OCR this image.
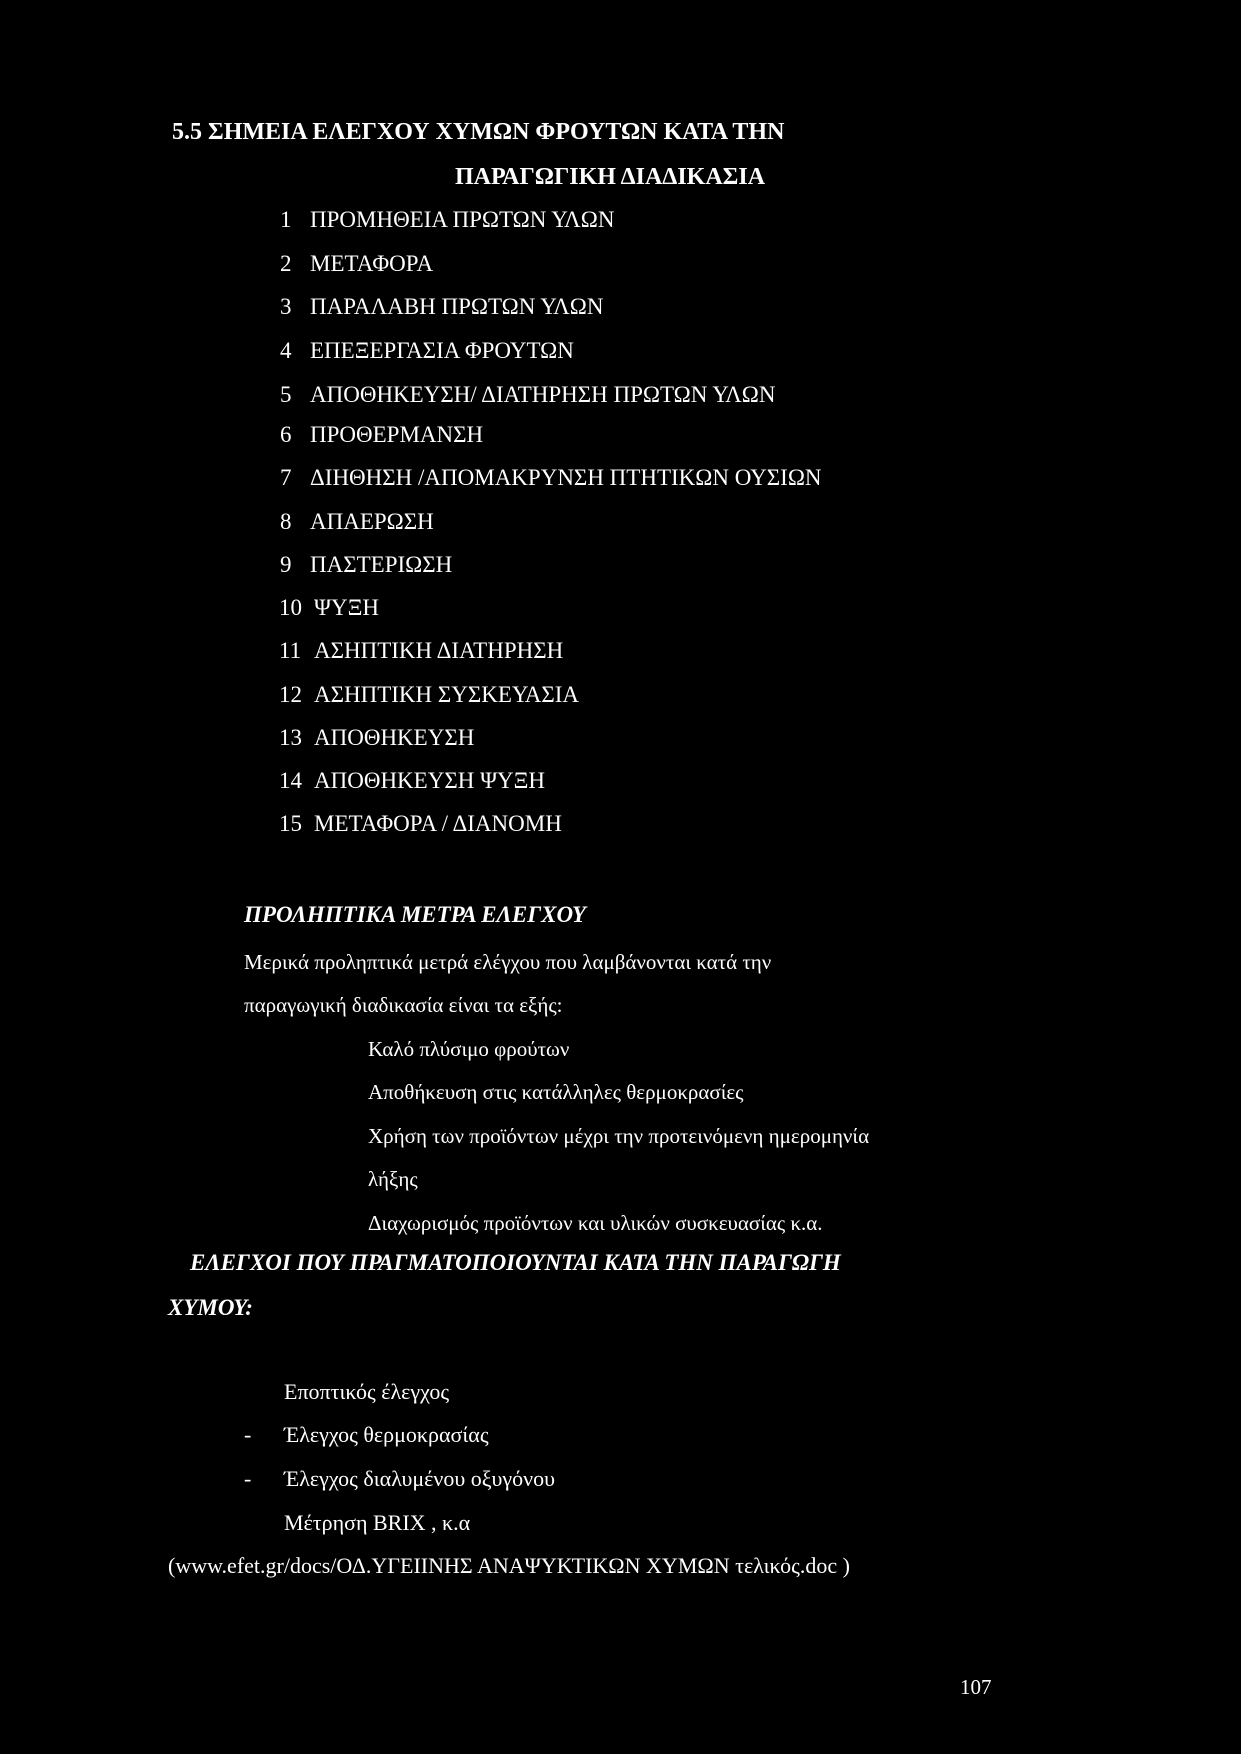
5.5 ΣΗΜΕΙΑ ΕΛΕΓΧΟΥ ΧΥΜΩΝ ΦΡΟΥΤΩΝ ΚΑΤΑ ΤΗΝ
ΠΑΡΑΓΩΓΙΚΗ ΔΙΑΔΙΚΑΣΙΑ
1 ΠΡΟΜΗΘΕΙΑ ΠΡΩΤΩΝ ΥΛΩΝ
2 ΜΕΤΑΦΟΡΑ
3 ΠΑΡΑΛΑΒΗ ΠΡΩΤΩΝ ΥΛΩΝ
4 ΕΠΕΞΕΡΓΑΣΙΑ ΦΡΟΥΤΩΝ
5 ΑΠΟΘΗΚΕΥΣΗ/ ΔΙΑΤΗΡΗΣΗ ΠΡΩΤΩΝ ΥΛΩΝ
6 ΠΡΟΘΕΡΜΑΝΣΗ
7 ΔΙΗΘΗΣΗ /ΑΠΟΜΑΚΡΥΝΣΗ ΠΤΗΤΙΚΩΝ ΟΥΣΙΩΝ
8 ΑΠΑΕΡΩΣΗ
9 ΠΑΣΤΕΡΙΩΣΗ
10 ΨΥΞΗ
11 ΑΣΗΠΤΙΚΗ ΔΙΑΤΗΡΗΣΗ
12 ΑΣΗΠΤΙΚΗ ΣΥΣΚΕΥΑΣΙΑ
13 ΑΠΟΘΗΚΕΥΣΗ
14 ΑΠΟΘΗΚΕΥΣΗ ΨΥΞΗ
15 ΜΕΤΑΦΟΡΑ / ΔΙΑΝΟΜΗ
ΠΡΟΛΗΠΤΙΚΑ ΜΕΤΡΑ ΕΛΕΓΧΟΥ
Μερικά προληπτικά μετρά ελέγχου που λαμβάνονται κατά την
παραγωγική διαδικασία είναι τα εξής:
Καλό πλύσιμο φρούτων
Αποθήκευση στις κατάλληλες θερμοκρασίες
Χρήση των προϊόντων μέχρι την προτεινόμενη ημερομηνία
λήξης
Διαχωρισμός προϊόντων και υλικών συσκευασίας κ.α.
ΕΛΕΓΧΟΙ ΠΟΥ ΠΡΑΓΜΑΤΟΠΟΙΟΥΝΤΑΙ ΚΑΤΑ ΤΗΝ ΠΑΡΑΓΩΓΗ
ΧΥΜΟΥ:
Εποπτικός έλεγχος
- Έλεγχος θερμοκρασίας
- Έλεγχος διαλυμένου οξυγόνου
Μέτρηση BRIX , κ.α
(www.efet.gr/docs/ΟΔ.ΥΓΕΙΙΝΗΣ ΑΝΑΨΥΚΤΙΚΩΝ ΧΥΜΩΝ τελικός.doc )
107
